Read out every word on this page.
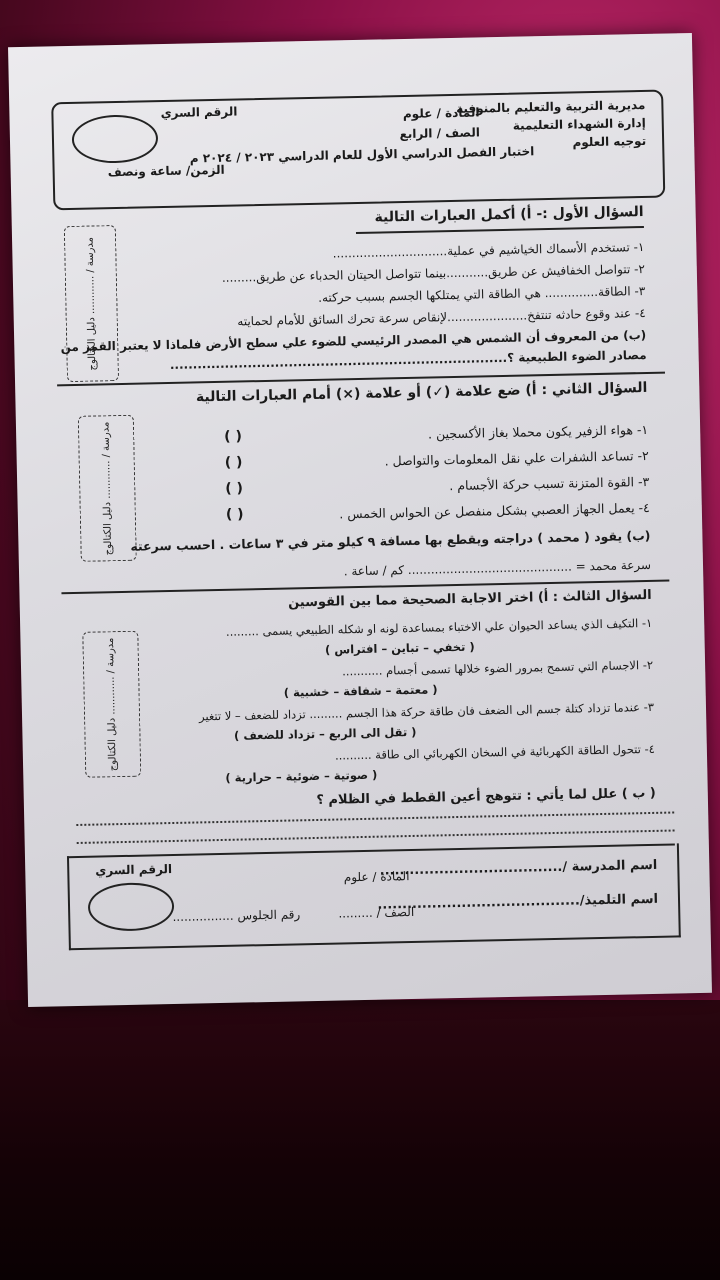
مديرية التربية والتعليم بالمنوفية
إدارة الشهداء التعليمية
توجيه العلوم
المادة / علوم
الصف / الرابع
اختبار الفصل الدراسي الأول للعام الدراسي ٢٠٢٣ / ٢٠٢٤ م
الرقم السري
الزمن/ ساعة ونصف
السؤال الأول :- أ) أكمل العبارات التالية
مدرسة / ............ دليل الكتالوج	١- تستخدم الأسماك الخياشيم في عملية..............................
٢- تتواصل الخفافيش عن طريق...........بينما تتواصل الحيتان الحدباء عن طريق.........
٣- الطاقة.............. هي الطاقة التي يمتلكها الجسم بسبب حركته.
٤- عند وقوع حادثه تنتفخ.....................لإنقاص سرعة تحرك السائق للأمام لحمايته
(ب) من المعروف أن الشمس هي المصدر الرئيسي للضوء علي سطح الأرض فلماذا لا يعتبر القمر من
مصادر الضوء الطبيعية ؟..........................................................................
السؤال الثاني : أ) ضع علامة (✓) أو علامة (×) أمام العبارات التالية
مدرسة / ............ دليل الكتالوج	١- هواء الزفير يكون محملا بغاز الأكسجين .
( )
٢- تساعد الشفرات علي نقل المعلومات والتواصل .
( )
٣- القوة المتزنة تسبب حركة الأجسام .
( )
٤- يعمل الجهاز العصبي بشكل منفصل عن الحواس الخمس .
( )
(ب) يقود ( محمد ) دراجته ويقطع بها مسافة ٩ كيلو متر في ٣ ساعات . احسب سرعته
سرعة محمد = ........................................... كم / ساعة .
السؤال الثالث : أ) اختر الاجابة الصحيحة مما بين القوسين
مدرسة / ............ دليل الكتالوج
١- التكيف الذي يساعد الحيوان علي الاختباء بمساعدة لونه او شكله الطبيعي يسمى .........
( تخفي – تباين – افتراس )
٢- الاجسام التي تسمح بمرور الضوء خلالها تسمى أجسام ...........
( معتمة – شفافة – خشبية )
٣- عندما تزداد كتلة جسم الى الضعف فان طاقة حركة هذا الجسم ......... تزداد للضعف – لا تتغير
( تقل الى الربع – تزداد للضعف )
٤- تتحول الطاقة الكهربائية في السخان الكهربائي الى طاقة ..........
( صوتية – ضوئية – حرارية )
( ب ) علل لما يأتي : تتوهج أعين القطط في الظلام ؟
اسم المدرسة /.....................................
المادة / علوم
الرقم السري
اسم التلميذ/.........................................
الصف / .........
رقم الجلوس ................
